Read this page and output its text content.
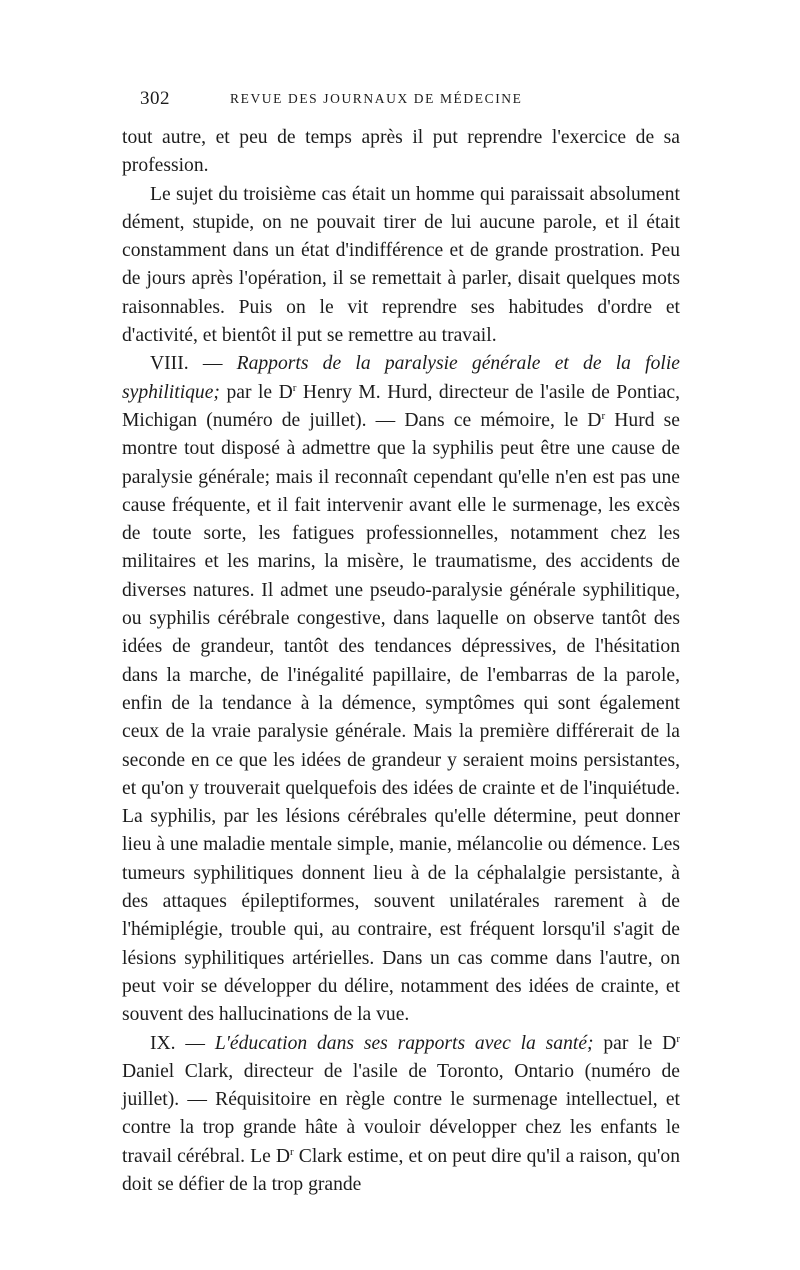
302	REVUE DES JOURNAUX DE MÉDECINE

tout autre, et peu de temps après il put reprendre l'exercice de sa profession.

Le sujet du troisième cas était un homme qui paraissait absolument dément, stupide, on ne pouvait tirer de lui aucune parole, et il était constamment dans un état d'indifférence et de grande prostration. Peu de jours après l'opération, il se remettait à parler, disait quelques mots raisonnables. Puis on le vit reprendre ses habitudes d'ordre et d'activité, et bientôt il put se remettre au travail.

VIII. — Rapports de la paralysie générale et de la folie syphilitique; par le $D^r$ Henry M. Hurd, directeur de l'asile de Pontiac, Michigan (numéro de juillet). — Dans ce mémoire, le $D^r$ Hurd se montre tout disposé à admettre que la syphilis peut être une cause de paralysie générale; mais il reconnaît cependant qu'elle n'en est pas une cause fréquente, et il fait intervenir avant elle le surmenage, les excès de toute sorte, les fatigues professionnelles, notamment chez les militaires et les marins, la misère, le traumatisme, des accidents de diverses natures. Il admet une pseudo-paralysie générale syphilitique, ou syphilis cérébrale congestive, dans laquelle on observe tantôt des idées de grandeur, tantôt des tendances dépressives, de l'hésitation dans la marche, de l'inégalité papillaire, de l'embarras de la parole, enfin de la tendance à la démence, symptômes qui sont également ceux de la vraie paralysie générale. Mais la première différerait de la seconde en ce que les idées de grandeur y seraient moins persistantes, et qu'on y trouverait quelquefois des idées de crainte et de l'inquiétude. La syphilis, par les lésions cérébrales qu'elle détermine, peut donner lieu à une maladie mentale simple, manie, mélancolie ou démence. Les tumeurs syphilitiques donnent lieu à de la céphalalgie persistante, à des attaques épileptiformes, souvent unilatérales rarement à de l'hémiplégie, trouble qui, au contraire, est fréquent lorsqu'il s'agit de lésions syphilitiques artérielles. Dans un cas comme dans l'autre, on peut voir se développer du délire, notamment des idées de crainte, et souvent des hallucinations de la vue.

IX. — L'éducation dans ses rapports avec la santé; par le $D^r$ Daniel Clark, directeur de l'asile de Toronto, Ontario (numéro de juillet). — Réquisitoire en règle contre le surmenage intellectuel, et contre la trop grande hâte à vouloir développer chez les enfants le travail cérébral. Le $D^r$ Clark estime, et on peut dire qu'il a raison, qu'on doit se défier de la trop grande
